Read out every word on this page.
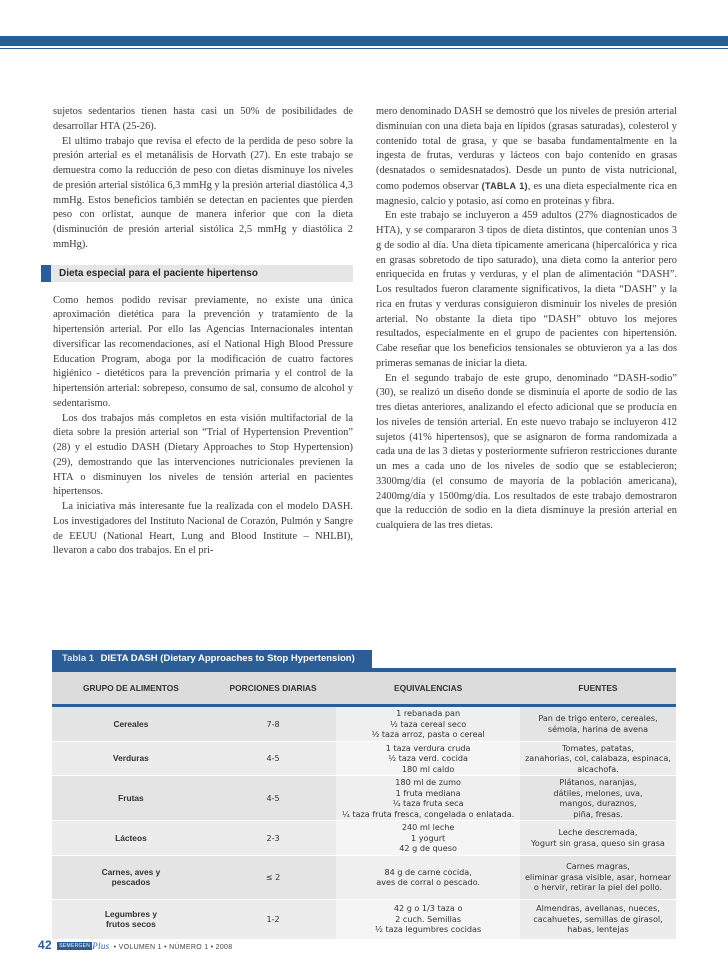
sujetos sedentarios tienen hasta casi un 50% de posibilidades de desarrollar HTA (25-26).

El ultimo trabajo que revisa el efecto de la perdida de peso sobre la presión arterial es el metanálisis de Horvath (27). En este trabajo se demuestra como la reducción de peso con dietas disminuye los niveles de presión arterial sistólica 6,3 mmHg y la presión arterial diastólica 4,3 mmHg. Estos beneficios también se detectan en pacientes que pierden peso con orlistat, aunque de manera inferior que con la dieta (disminución de presión arterial sistólica 2,5 mmHg y diastólica 2 mmHg).

Dieta especial para el paciente hipertenso

Como hemos podido revisar previamente, no existe una única aproximación dietética para la prevención y tratamiento de la hipertensión arterial. Por ello las Agencias Internacionales intentan diversificar las recomendaciones, así el National High Blood Pressure Education Program, aboga por la modificación de cuatro factores higiénico - dietéticos para la prevención primaria y el control de la hipertensión arterial: sobrepeso, consumo de sal, consumo de alcohol y sedentarismo.

Los dos trabajos más completos en esta visión multifactorial de la dieta sobre la presión arterial son “Trial of Hypertension Prevention” (28) y el estudio DASH (Dietary Approaches to Stop Hypertension) (29), demostrando que las intervenciones nutricionales previenen la HTA o disminuyen los niveles de tensión arterial en pacientes hipertensos.

La iniciativa más interesante fue la realizada con el modelo DASH. Los investigadores del Instituto Nacional de Corazón, Pulmón y Sangre de EEUU (National Heart, Lung and Blood Institute – NHLBI), llevaron a cabo dos trabajos. En el pri-

mero denominado DASH se demostró que los niveles de presión arterial disminuían con una dieta baja en lípidos (grasas saturadas), colesterol y contenido total de grasa, y que se basaba fundamentalmente en la ingesta de frutas, verduras y lácteos con bajo contenido en grasas (desnatados o semidesnatados). Desde un punto de vista nutricional, como podemos observar (TABLA 1), es una dieta especialmente rica en magnesio, calcio y potasio, así como en proteínas y fibra.

En este trabajo se incluyeron a 459 adultos (27% diagnosticados de HTA), y se compararon 3 tipos de dieta distintos, que contenían unos 3 g de sodio al día. Una dieta típicamente americana (hipercalórica y rica en grasas sobretodo de tipo saturado), una dieta como la anterior pero enriquecida en frutas y verduras, y el plan de alimentación “DASH”. Los resultados fueron claramente significativos, la dieta “DASH” y la rica en frutas y verduras consiguieron disminuir los niveles de presión arterial. No obstante la dieta tipo “DASH” obtuvo los mejores resultados, especialmente en el grupo de pacientes con hipertensión. Cabe reseñar que los beneficios tensionales se obtuvieron ya a las dos primeras semanas de iniciar la dieta.

En el segundo trabajo de este grupo, denominado “DASH-sodio” (30), se realizó un diseño donde se disminuía el aporte de sodio de las tres dietas anteriores, analizando el efecto adicional que se producía en los niveles de tensión arterial. En este nuevo trabajo se incluyeron 412 sujetos (41% hipertensos), que se asignaron de forma randomizada a cada una de las 3 dietas y posteriormente sufrieron restricciones durante un mes a cada uno de los niveles de sodio que se establecieron; 3300mg/día (el consumo de mayoría de la población americana), 2400mg/día y 1500mg/día. Los resultados de este trabajo demostraron que la reducción de sodio en la dieta disminuye la presión arterial en cualquiera de las tres dietas.

Tabla 1 DIETA DASH (Dietary Approaches to Stop Hypertension)
GRUPO DE ALIMENTOS	PORCIONES DIARIAS	EQUIVALENCIAS	FUENTES
Cereales	7-8	1 rebanada pan
½ taza cereal seco
½ taza arroz, pasta o cereal	Pan de trigo entero, cereales,
sémola, harina de avena

Verduras	4-5	1 taza verdura cruda
½ taza verd. cocida
180 ml caldo	Tomates, patatas,
zanahorias, col, calabaza, espinaca,
alcachofa.

Frutas	4-5	180 ml de zumo
1 fruta mediana
¼ taza fruta seca
¼ taza fruta fresca, congelada o enlatada.	Plátanos, naranjas,
dátiles, melones, uva,
mangos, duraznos,
piña, fresas.

Lácteos	2-3	240 ml leche
1 yogurt
42 g de queso	Leche descremada,
Yogurt sin grasa, queso sin grasa

Carnes, aves y
pescados	≤ 2	84 g de carne cocida,
aves de corral o pescado.	Carnes magras,
eliminar grasa visible, asar, hornear
o hervir, retirar la piel del pollo.

Legumbres y
frutos secos	1-2	42 g o 1/3 taza o
2 cuch. Semillas
½ taza legumbres cocidas	Almendras, avellanas, nueces,
cacahuetes, semillas de girasol,
habas, lentejas
42 SEMERGEN Plus • VOLUMEN 1 • NÚMERO 1 • 2008
